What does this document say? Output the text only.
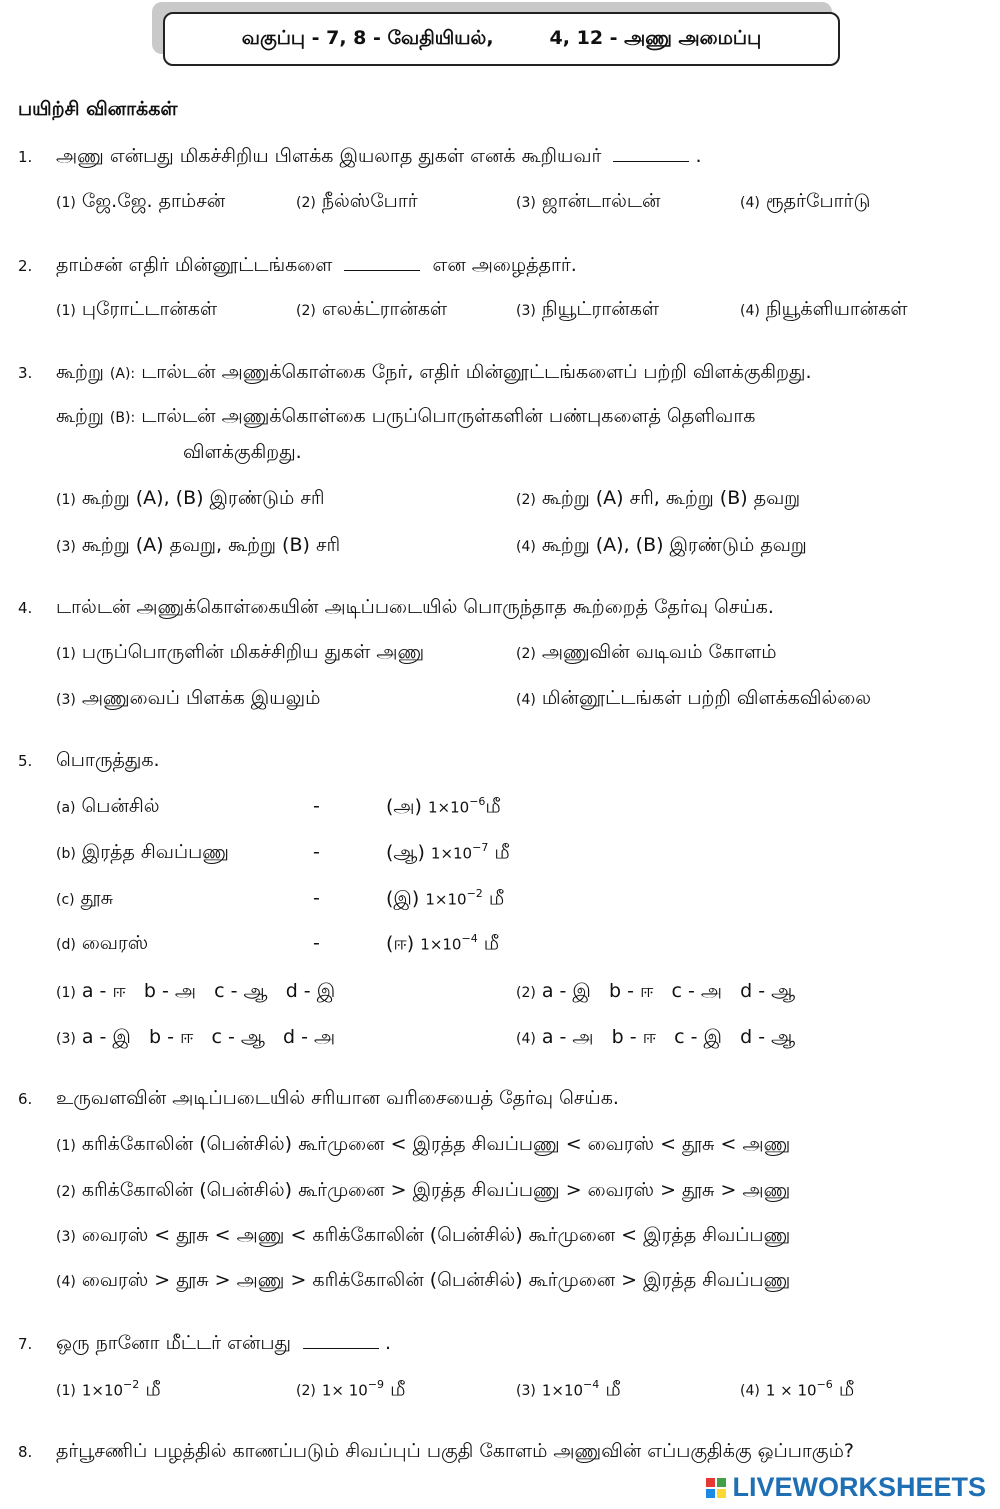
வகுப்பு - 7, 8 - வேதியியல்,	4, 12 - அணு அமைப்பு
பயிற்சி வினாக்கள்
1. அணு என்பது மிகச்சிறிய பிளக்க இயலாத துகள் எனக் கூறியவர்	.
(1) ஜே.ஜே. தாம்சன்	(2) நீல்ஸ்போர்	(3) ஜான்டால்டன்	(4) ரூதர்போர்டு
2. தாம்சன் எதிர் மின்னூட்டங்களை	என அழைத்தார்.
(1) புரோட்டான்கள்	(2) எலக்ட்ரான்கள்	(3) நியூட்ரான்கள்	(4) நியூக்ளியான்கள்
3. கூற்று (A): டால்டன் அணுக்கொள்கை நேர், எதிர் மின்னூட்டங்களைப் பற்றி விளக்குகிறது.
கூற்று (B): டால்டன் அணுக்கொள்கை பருப்பொருள்களின் பண்புகளைத் தெளிவாக
விளக்குகிறது.
(1) கூற்று (A), (B) இரண்டும் சரி	(2) கூற்று (A) சரி, கூற்று (B) தவறு
(3) கூற்று (A) தவறு, கூற்று (B) சரி	(4) கூற்று (A), (B) இரண்டும் தவறு
4. டால்டன் அணுக்கொள்கையின் அடிப்படையில் பொருந்தாத கூற்றைத் தேர்வு செய்க.
(1) பருப்பொருளின் மிகச்சிறிய துகள் அணு	(2) அணுவின் வடிவம் கோளம்
(3) அணுவைப் பிளக்க இயலும்	(4) மின்னூட்டங்கள் பற்றி விளக்கவில்லை
5. பொருத்துக.
(a) பென்சில்	-	(அ) $1\times 10^{-6}மீ$
(b) இரத்த சிவப்பணு	-	(ஆ) $1\times 10^{-7}$ மீ
(c) தூசு	-	(இ) $1\times 10^{-2}$ மீ
(d) வைரஸ்	-	(ஈ) $1\times 10^{-4}$ மீ
(1) a - ஈ   b - அ   c - ஆ   d - இ	(2) a - இ   b - ஈ   c - அ   d - ஆ
(3) a - இ   b - ஈ   c - ஆ   d - அ	(4) a - அ   b - ஈ   c - இ   d - ஆ
6. உருவளவின் அடிப்படையில் சரியான வரிசையைத் தேர்வு செய்க.
(1) கரிக்கோலின் (பென்சில்) கூர்முனை < இரத்த சிவப்பணு < வைரஸ் < தூசு < அணு
(2) கரிக்கோலின் (பென்சில்) கூர்முனை > இரத்த சிவப்பணு > வைரஸ் > தூசு > அணு
(3) வைரஸ் < தூசு < அணு < கரிக்கோலின் (பென்சில்) கூர்முனை < இரத்த சிவப்பணு
(4) வைரஸ் > தூசு > அணு > கரிக்கோலின் (பென்சில்) கூர்முனை > இரத்த சிவப்பணு
7. ஒரு நானோ மீட்டர் என்பது	.
(1) $1\times 10^{-2}$ மீ	(2) $1\times 10^{-9}$ மீ	(3) $1\times 10^{-4}$ மீ	(4) $1 \times 10^{-6}$ மீ
8. தர்பூசணிப் பழத்தில் காணப்படும் சிவப்புப் பகுதி கோளம் அணுவின் எப்பகுதிக்கு ஒப்பாகும்?
LIVEWORKSHEETS
